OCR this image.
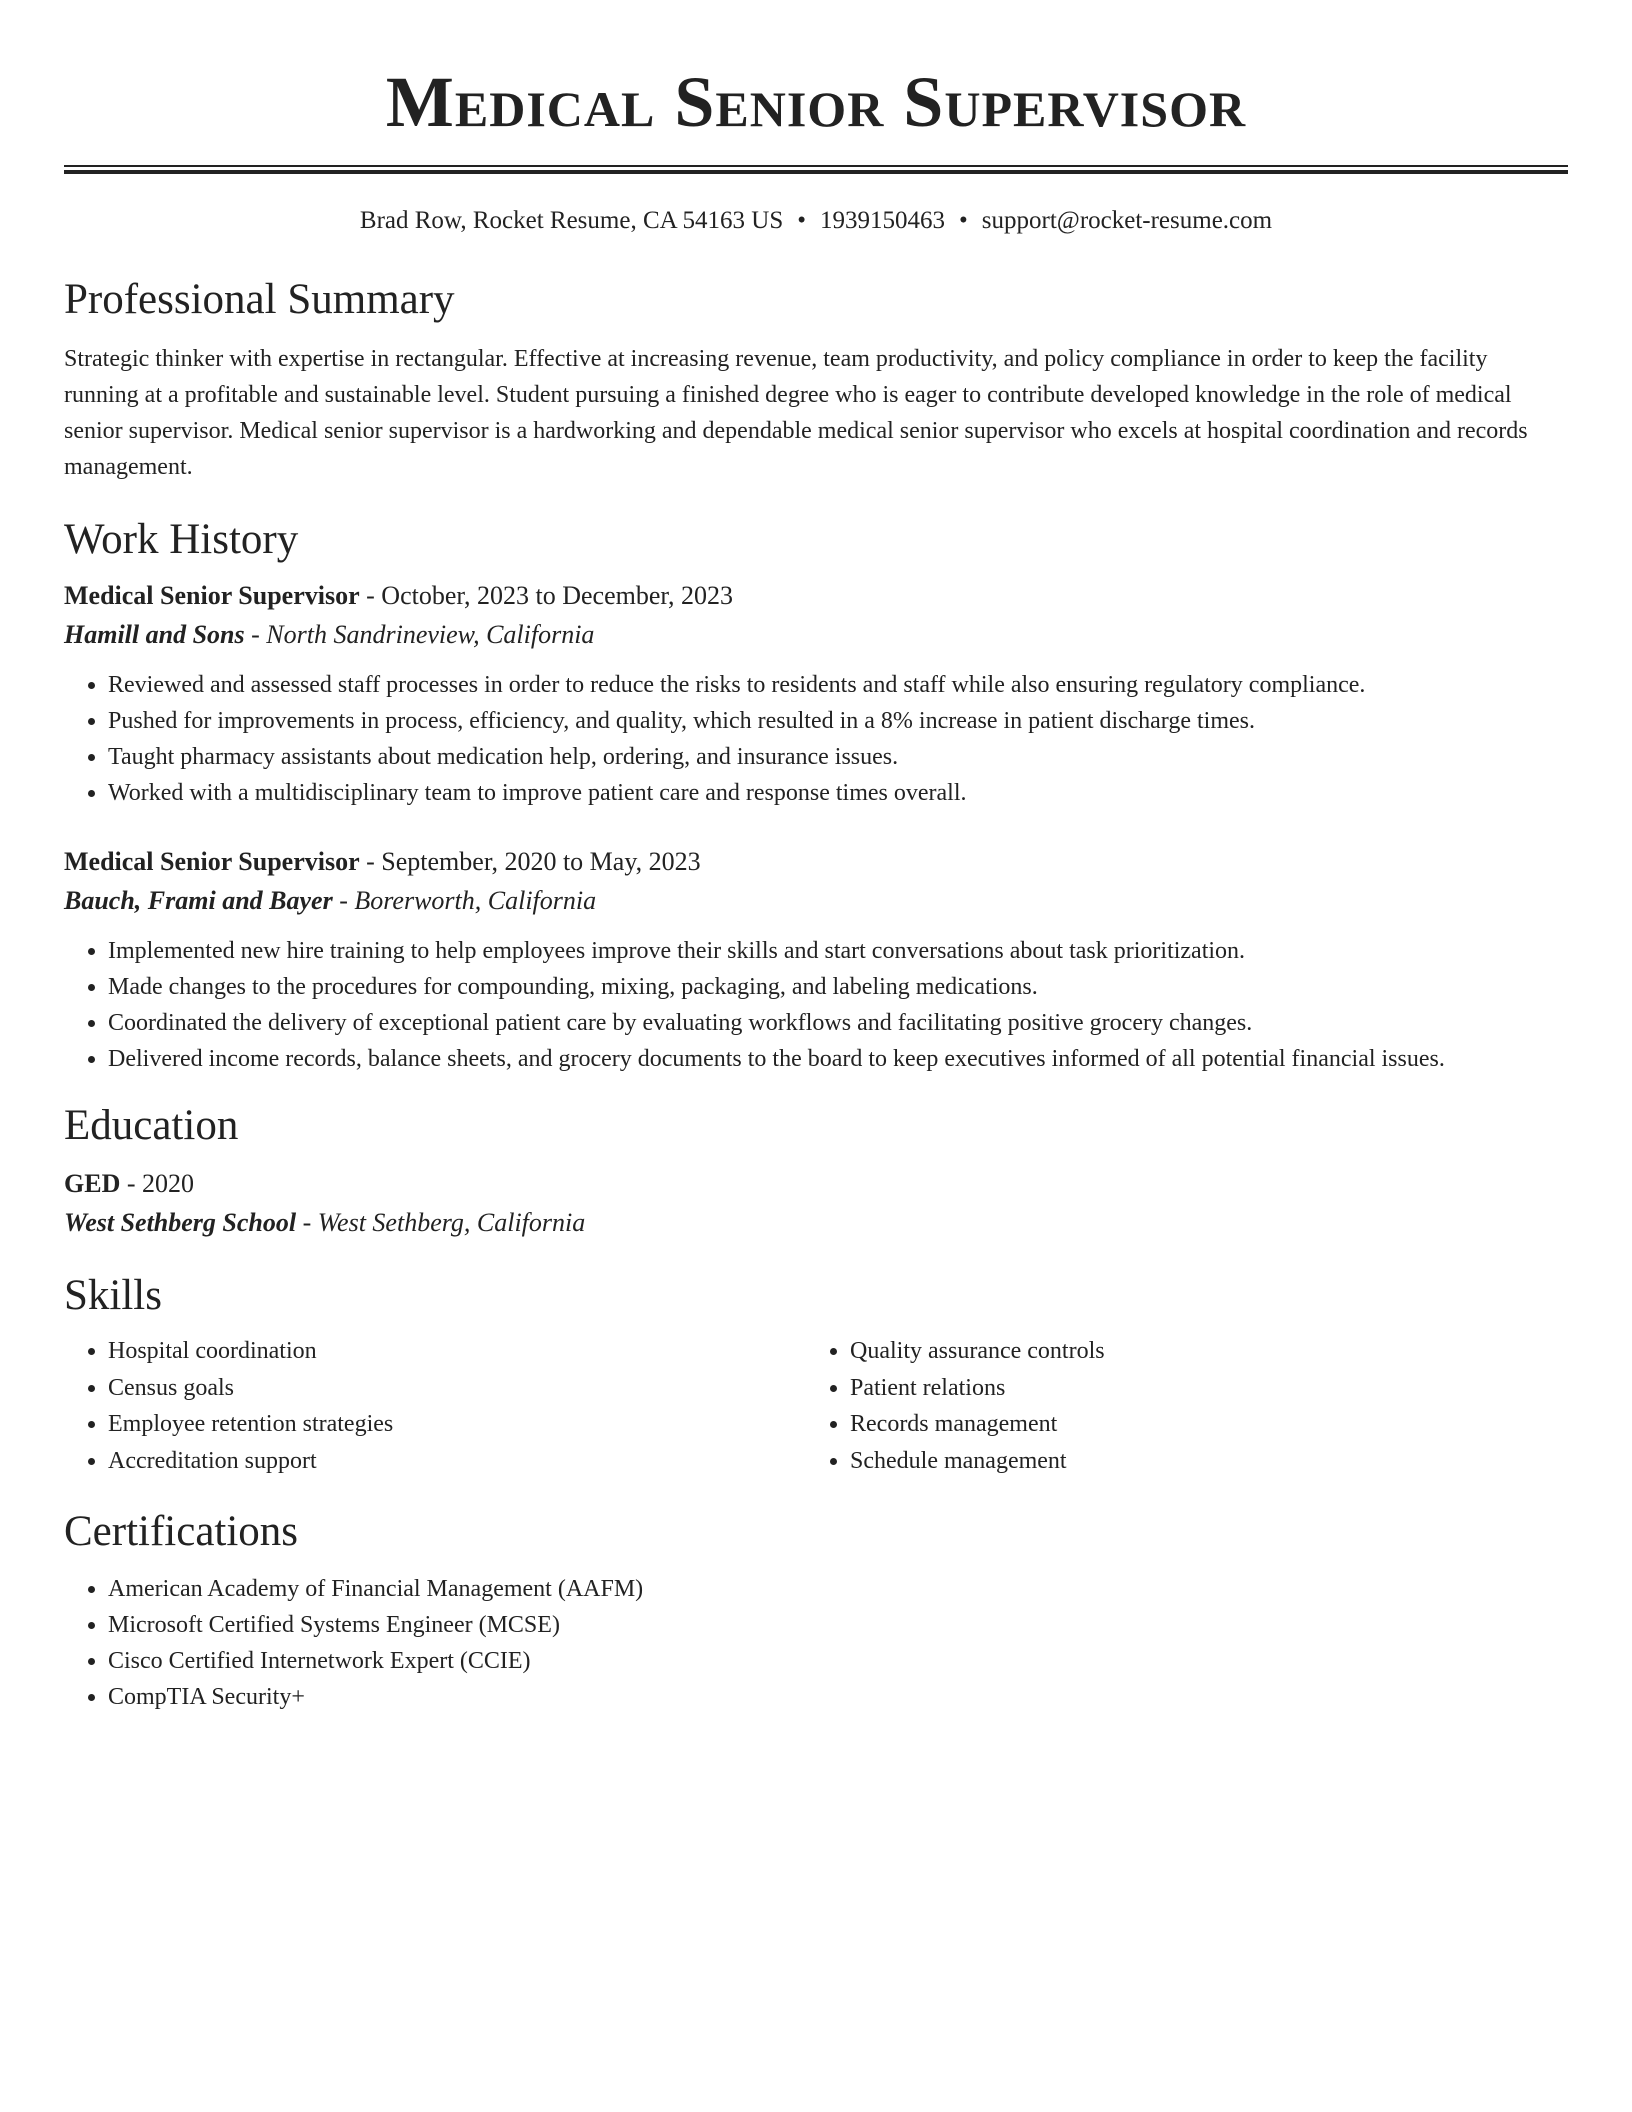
Medical Senior Supervisor
Brad Row, Rocket Resume, CA 54163 US • 1939150463 • support@rocket-resume.com
Professional Summary

Strategic thinker with expertise in rectangular. Effective at increasing revenue, team productivity, and policy compliance in order to keep the facility running at a profitable and sustainable level. Student pursuing a finished degree who is eager to contribute developed knowledge in the role of medical senior supervisor. Medical senior supervisor is a hardworking and dependable medical senior supervisor who excels at hospital coordination and records management.

Work History
Medical Senior Supervisor - October, 2023 to December, 2023
Hamill and Sons - North Sandrineview, California
• Reviewed and assessed staff processes in order to reduce the risks to residents and staff while also ensuring regulatory compliance.
• Pushed for improvements in process, efficiency, and quality, which resulted in a 8% increase in patient discharge times.
• Taught pharmacy assistants about medication help, ordering, and insurance issues.
• Worked with a multidisciplinary team to improve patient care and response times overall.
Medical Senior Supervisor - September, 2020 to May, 2023
Bauch, Frami and Bayer - Borerworth, California
• Implemented new hire training to help employees improve their skills and start conversations about task prioritization.
• Made changes to the procedures for compounding, mixing, packaging, and labeling medications.
• Coordinated the delivery of exceptional patient care by evaluating workflows and facilitating positive grocery changes.
• Delivered income records, balance sheets, and grocery documents to the board to keep executives informed of all potential financial issues.
Education
GED - 2020
West Sethberg School - West Sethberg, California
Skills
• Hospital coordination
• Census goals
• Employee retention strategies
• Accreditation support
• Quality assurance controls
• Patient relations
• Records management
• Schedule management
Certifications
• American Academy of Financial Management (AAFM)
• Microsoft Certified Systems Engineer (MCSE)
• Cisco Certified Internetwork Expert (CCIE)
• CompTIA Security+
